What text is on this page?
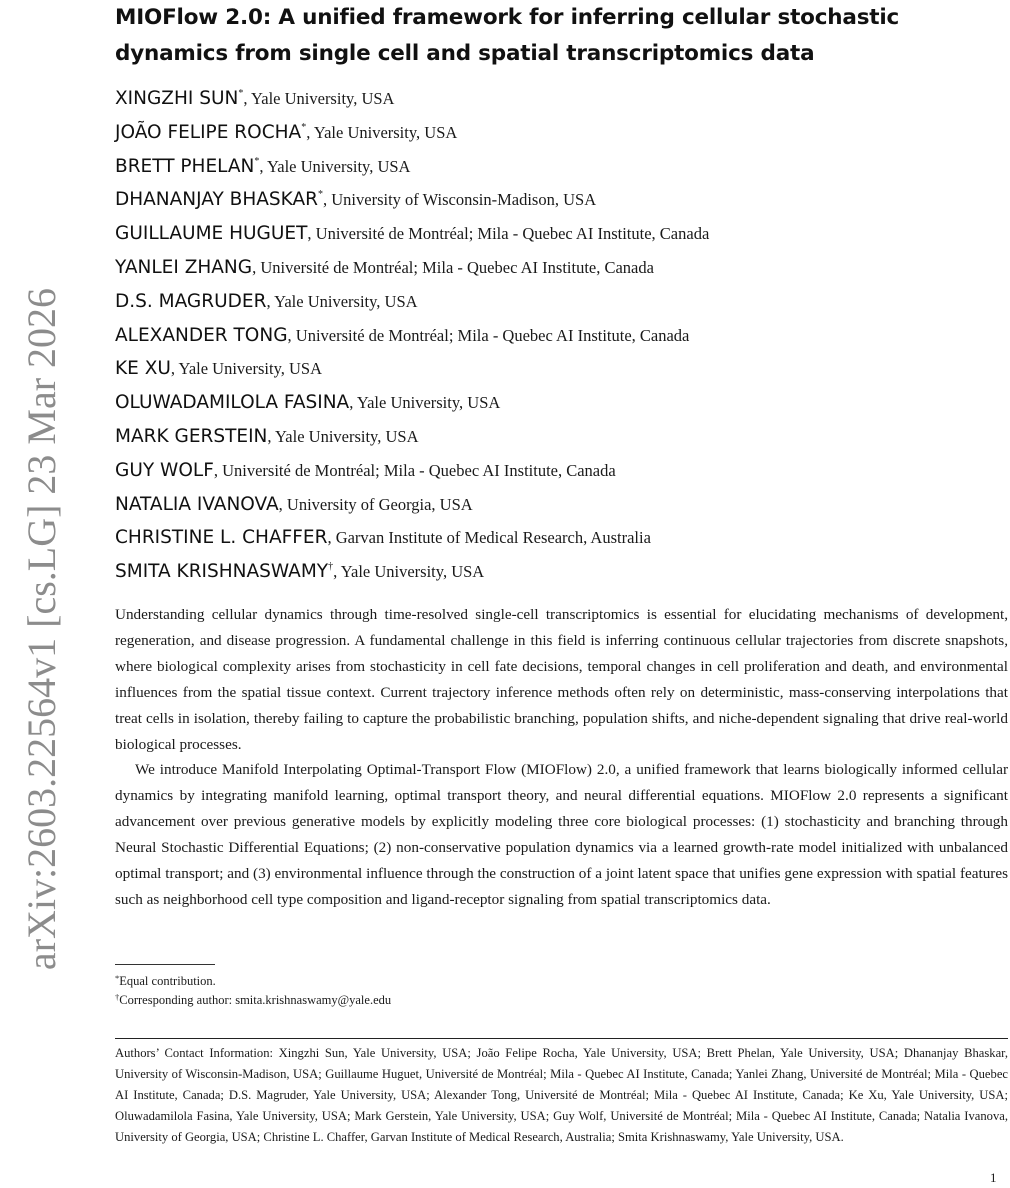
arXiv:2603.22564v1 [cs.LG] 23 Mar 2026
MIOFlow 2.0: A unified framework for inferring cellular stochastic dynamics from single cell and spatial transcriptomics data
XINGZHI SUN*, Yale University, USA
JOÃO FELIPE ROCHA*, Yale University, USA
BRETT PHELAN*, Yale University, USA
DHANANJAY BHASKAR*, University of Wisconsin-Madison, USA
GUILLAUME HUGUET, Université de Montréal; Mila - Quebec AI Institute, Canada
YANLEI ZHANG, Université de Montréal; Mila - Quebec AI Institute, Canada
D.S. MAGRUDER, Yale University, USA
ALEXANDER TONG, Université de Montréal; Mila - Quebec AI Institute, Canada
KE XU, Yale University, USA
OLUWADAMILOLA FASINA, Yale University, USA
MARK GERSTEIN, Yale University, USA
GUY WOLF, Université de Montréal; Mila - Quebec AI Institute, Canada
NATALIA IVANOVA, University of Georgia, USA
CHRISTINE L. CHAFFER, Garvan Institute of Medical Research, Australia
SMITA KRISHNASWAMY†, Yale University, USA

Understanding cellular dynamics through time-resolved single-cell transcriptomics is essential for elucidating mechanisms of development, regeneration, and disease progression. A fundamental challenge in this field is inferring continuous cellular trajectories from discrete snapshots, where biological complexity arises from stochasticity in cell fate decisions, temporal changes in cell proliferation and death, and environmental influences from the spatial tissue context. Current trajectory inference methods often rely on deterministic, mass-conserving interpolations that treat cells in isolation, thereby failing to capture the probabilistic branching, population shifts, and niche-dependent signaling that drive real-world biological processes.

We introduce Manifold Interpolating Optimal-Transport Flow (MIOFlow) 2.0, a unified framework that learns biologically informed cellular dynamics by integrating manifold learning, optimal transport theory, and neural differential equations. MIOFlow 2.0 represents a significant advancement over previous generative models by explicitly modeling three core biological processes: (1) stochasticity and branching through Neural Stochastic Differential Equations; (2) non-conservative population dynamics via a learned growth-rate model initialized with unbalanced optimal transport; and (3) environmental influence through the construction of a joint latent space that unifies gene expression with spatial features such as neighborhood cell type composition and ligand-receptor signaling from spatial transcriptomics data.

*Equal contribution.
†Corresponding author: smita.krishnaswamy@yale.edu

Authors’ Contact Information: Xingzhi Sun, Yale University, USA; João Felipe Rocha, Yale University, USA; Brett Phelan, Yale University, USA; Dhananjay Bhaskar, University of Wisconsin-Madison, USA; Guillaume Huguet, Université de Montréal; Mila - Quebec AI Institute, Canada; Yanlei Zhang, Université de Montréal; Mila - Quebec AI Institute, Canada; D.S. Magruder, Yale University, USA; Alexander Tong, Université de Montréal; Mila - Quebec AI Institute, Canada; Ke Xu, Yale University, USA; Oluwadamilola Fasina, Yale University, USA; Mark Gerstein, Yale University, USA; Guy Wolf, Université de Montréal; Mila - Quebec AI Institute, Canada; Natalia Ivanova, University of Georgia, USA; Christine L. Chaffer, Garvan Institute of Medical Research, Australia; Smita Krishnaswamy, Yale University, USA.

1
